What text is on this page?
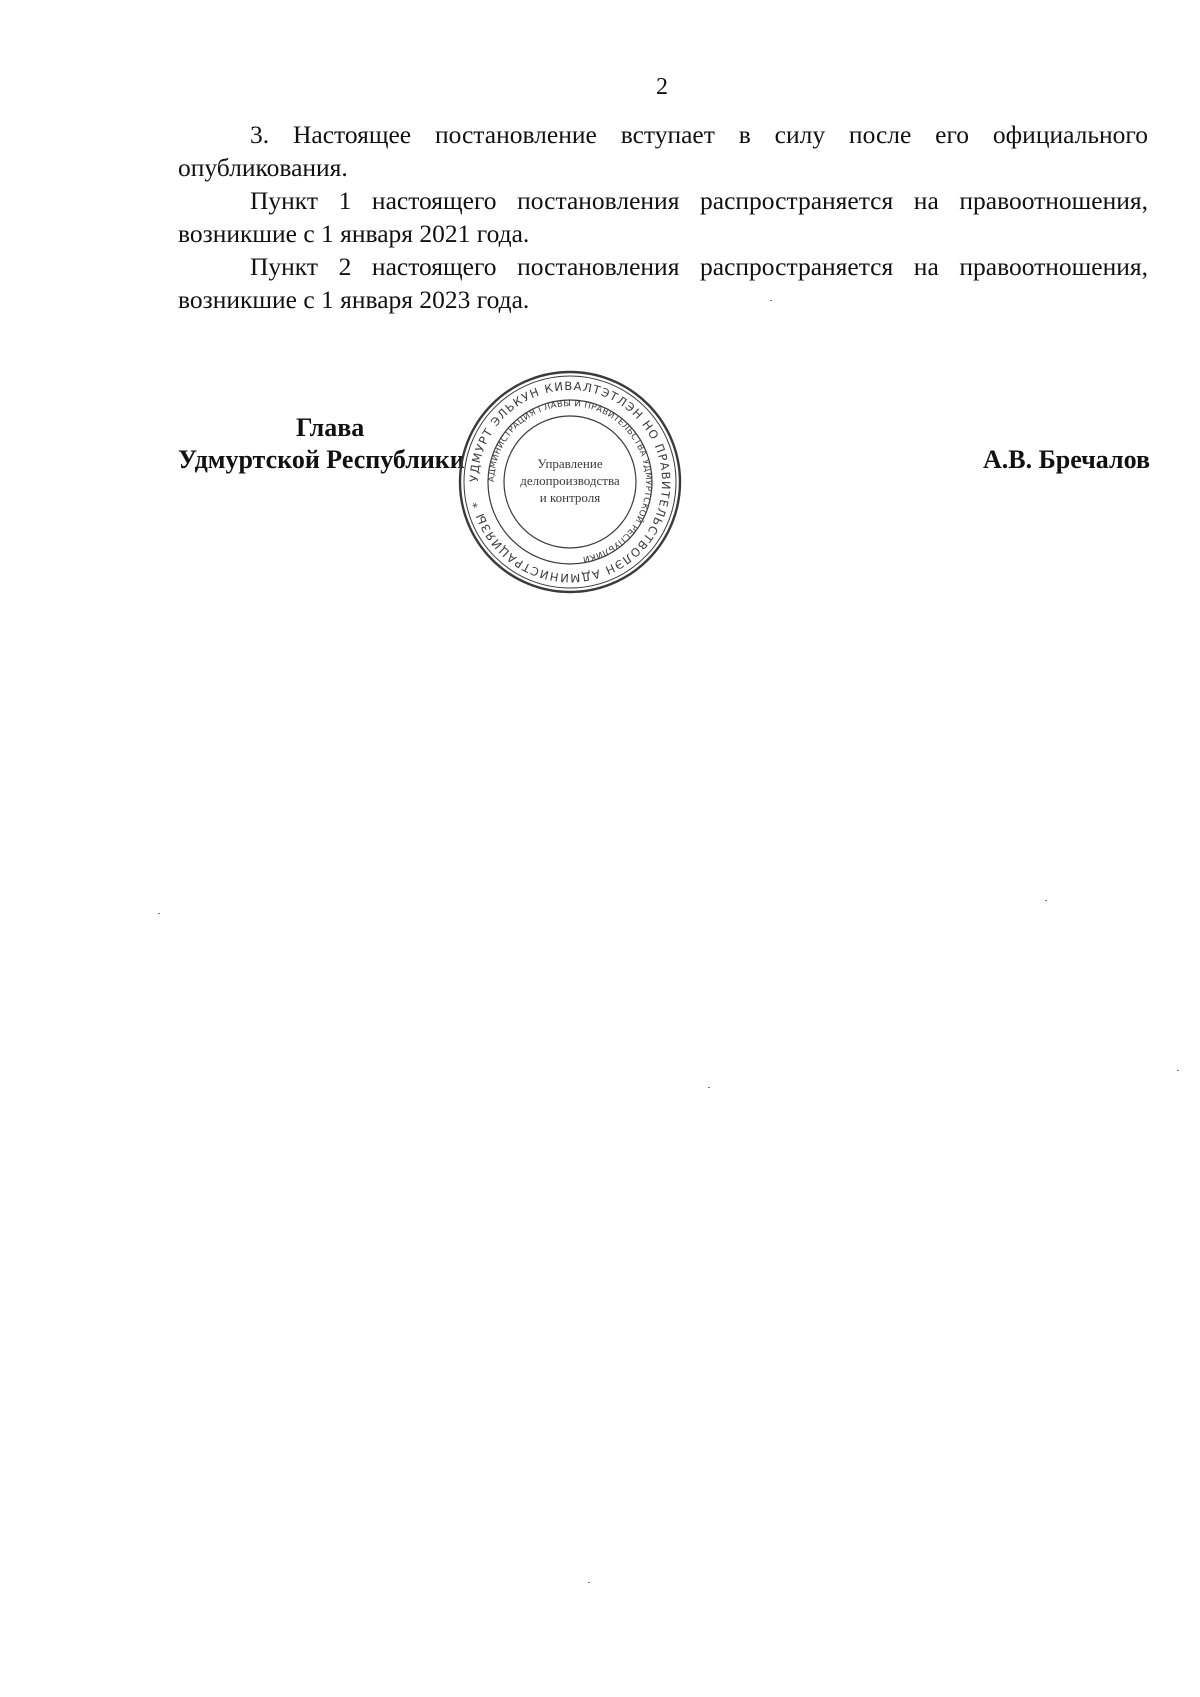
2

3. Настоящее постановление вступает в силу после его официального опубликования.

Пункт 1 настоящего постановления распространяется на правоотношения, возникшие с 1 января 2021 года.

Пункт 2 настоящего постановления распространяется на правоотношения, возникшие с 1 января 2023 года.

Глава
Удмуртской Республики	А.В. Бречалов
УДМУРТ ЭЛЬКУН КИВАЛТЭТЛЭН НО ПРАВИТЕЛЬСТВОЛЭН АДМИНИСТРАЦИЯЗЫ *
АДМИНИСТРАЦИЯ ГЛАВЫ И ПРАВИТЕЛЬСТВА УДМУРТСКОЙ РЕСПУБЛИКИ
Управление
делопроизводства
и контроля
